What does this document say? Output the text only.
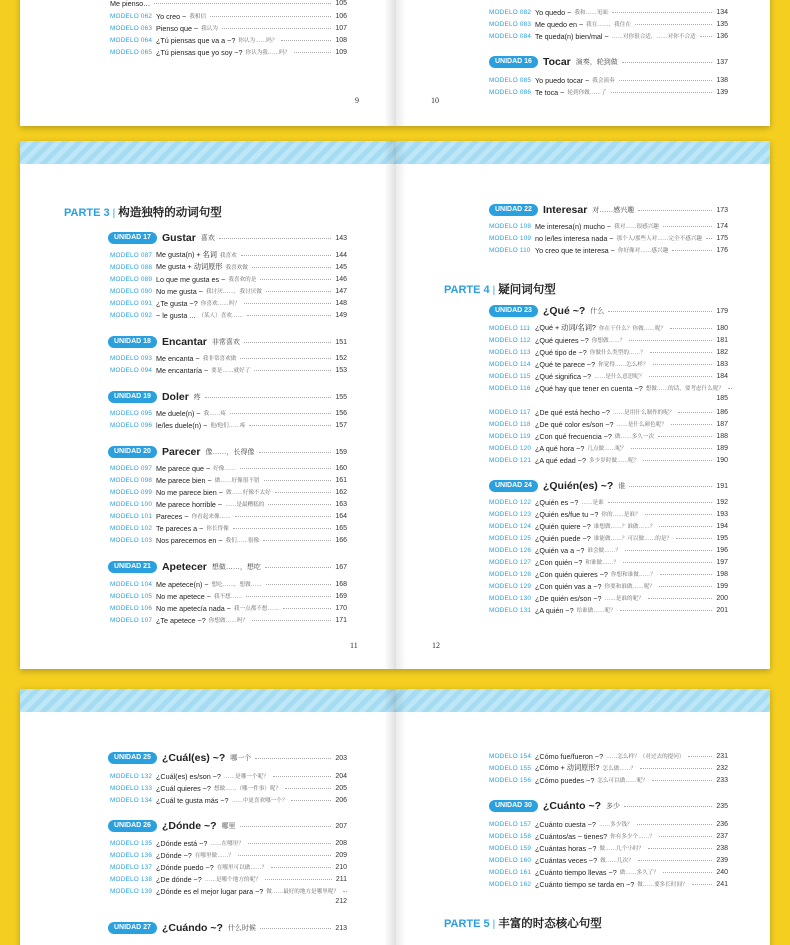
Me pienso…	105
MODELO 062 Yo creo ~ 我相信	106
MODELO 063 Pienso que ~ 我认为	107
MODELO 064 ¿Tú piensas que va a ~? 你认为……吗？	108
MODELO 065 ¿Tú piensas que yo soy ~? 你认为我……吗？	109
9
MODELO 082 Yo quedo ~ 我和……见面	134
MODELO 083 Me quedo en ~ 我在……，我住在	135
MODELO 084 Te queda(n) bien/mal ~ ……对你很合适，……对你不合适	136
UNIDAD 16	Tocar 演奏，轮到做	137
MODELO 085 Yo puedo tocar ~ 我会演奏	138
MODELO 086 Te toca ~ 轮到你做……了	139
10
PARTE 3 | 构造独特的动词句型
UNIDAD 17	Gustar 喜欢	143
MODELO 087 Me gusta(n) + 名词 我喜欢	144
MODELO 088 Me gusta + 动词原形 我喜欢做	145
MODELO 089 Lo que me gusta es ~ 我喜欢的是	146
MODELO 090 No me gusta ~ 我讨厌……，我讨厌做	147
MODELO 091 ¿Te gusta ~? 你喜欢……吗？	148
MODELO 092 ~ le gusta ... （某人）喜欢……	149
UNIDAD 18	Encantar 非常喜欢	151
MODELO 093 Me encanta ~ 我非常喜欢做	152
MODELO 094 Me encantaría ~ 要是……就好了	153
UNIDAD 19	Doler 疼	155
MODELO 095 Me duele(n) ~ 我……疼	156
MODELO 096 le/les duele(n) ~ 他/他们……疼	157
UNIDAD 20	Parecer 像……，长得像	159
MODELO 097 Me parece que ~ 好像……	160
MODELO 098 Me parece bien ~ 做……好像很不错	161
MODELO 099 No me parece bien ~ 做……好像不太好	162
MODELO 100 Me parece horrible ~ ……是最糟糕的	163
MODELO 101 Pareces ~ 你看起来像……	164
MODELO 102 Te pareces a ~ 你长得像	165
MODELO 103 Nos parecemos en ~ 我们……很像	166
UNIDAD 21	Apetecer 想做……，想吃	167
MODELO 104 Me apetece(n) ~ 想吃……，想做……	168
MODELO 105 No me apetece ~ 我不想……	169
MODELO 106 No me apetecía nada ~ 我一点都不想……	170
MODELO 107 ¿Te apetece ~? 你想做……吗？	171
11
UNIDAD 22	Interesar 对……感兴趣	173
MODELO 108 Me interesa(n) mucho ~ 我对……很感兴趣	174
MODELO 109 no le/les interesa nada ~ 那个人/那些人对……完全不感兴趣 175
MODELO 110 Yo creo que te interesa ~ 你好像对……感兴趣	176
PARTE 4 | 疑问词句型
UNIDAD 23	¿Qué ~? 什么	179
MODELO 111 ¿Qué + 动词/名词? 你在干什么？你做……呢？	180
MODELO 112 ¿Qué quieres ~? 你想做……？	181
MODELO 113 ¿Qué tipo de ~? 你做什么类型的……？	182
MODELO 114 ¿Qué te parece ~? 你觉得……怎么样？	183
MODELO 115 ¿Qué significa ~? ……是什么意思呢？	184
MODELO 116 ¿Qué hay que tener en cuenta ~? 想做……的话，要考虑什么呢？
185
MODELO 117 ¿De qué está hecho ~? ……是用什么制作的呢？	186
MODELO 118 ¿De qué color es/son ~? ……是什么颜色呢？	187
MODELO 119 ¿Con qué frecuencia ~? 做……多久一次	188
MODELO 120 ¿A qué hora ~? 几点做……呢？	189
MODELO 121 ¿A qué edad ~? 多少岁时做……呢？	190
UNIDAD 24	¿Quién(es) ~? 谁	191
MODELO 122 ¿Quién es ~? ……是谁	192
MODELO 123 ¿Quién es/fue tu ~? 你的……是谁？	193
MODELO 124 ¿Quién quiere ~? 谁想做……？谁做……？	194
MODELO 125 ¿Quién puede ~? 谁能做……？可以做……的是？	195
MODELO 126 ¿Quién va a ~? 谁会做……？	196
MODELO 127 ¿Con quién ~? 和谁做……？	197
MODELO 128 ¿Con quién quieres ~? 你想和谁做……？	198
MODELO 129 ¿Con quién vas a ~? 你要和谁做……呢？	199
MODELO 130 ¿De quién es/son ~? ……是谁的呢？	200
MODELO 131 ¿A quién ~? 给谁做……呢？	201
12
UNIDAD 25	¿Cuál(es) ~? 哪一个	203
MODELO 132 ¿Cuál(es) es/son ~? ……是哪一个呢？	204
MODELO 133 ¿Cuál quieres ~? 想做……（哪一件事）呢？	205
MODELO 134 ¿Cuál te gusta más ~? ……中更喜欢哪一个？	206
UNIDAD 26	¿Dónde ~? 哪里	207
MODELO 135 ¿Dónde está ~? ……在哪里？	208
MODELO 136 ¿Dónde ~? 在哪里做……？	209
MODELO 137 ¿Dónde puedo ~? 在哪里可以做……？	210
MODELO 138 ¿De dónde ~? ……是哪个地方的呢？	211
MODELO 139 ¿Dónde es el mejor lugar para ~? 做……最好的地方是哪里呢？
212
UNIDAD 27	¿Cuándo ~? 什么时候	213
MODELO 154 ¿Cómo fue/fueron ~? ……怎么样？（对过去的提问）	231
MODELO 155 ¿Cómo + 动词原形? 怎么做……？	232
MODELO 156 ¿Cómo puedes ~? 怎么可以做……呢？	233
UNIDAD 30	¿Cuánto ~? 多少	235
MODELO 157 ¿Cuánto cuesta ~? ……多少钱？	236
MODELO 158 ¿Cuántos/as ~ tienes? 你有多少个……？	237
MODELO 159 ¿Cuántas horas ~? 做……几个小时？	238
MODELO 160 ¿Cuántas veces ~? 做……几次？	239
MODELO 161 ¿Cuánto tiempo llevas ~? 做……多久了？	240
MODELO 162 ¿Cuánto tiempo se tarda en ~? 做……要多长时间？	241
PARTE 5 | 丰富的时态核心句型
